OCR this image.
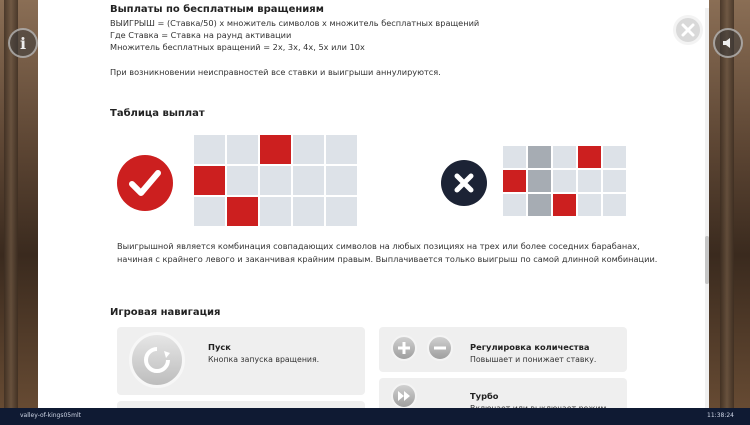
i
Выплаты по бесплатным вращениям
ВЫИГРЫШ = (Ставка/50) x множитель символов x множитель бесплатных вращений
Где Ставка = Ставка на раунд активации
Множитель бесплатных вращений = 2x, 3x, 4x, 5x или 10x
При возникновении неисправностей все ставки и выигрыши аннулируются.
Таблица выплат
Выигрышной является комбинация совпадающих символов на любых позициях на трех или более соседних барабанах,
начиная с крайнего левого и заканчивая крайним правым. Выплачивается только выигрыш по самой длинной комбинации.
Игровая навигация
Пуск
Кнопка запуска вращения.
Регулировка количества
Повышает и понижает ставку.
Турбо
valley-of-kings05mlt	11:38:24
